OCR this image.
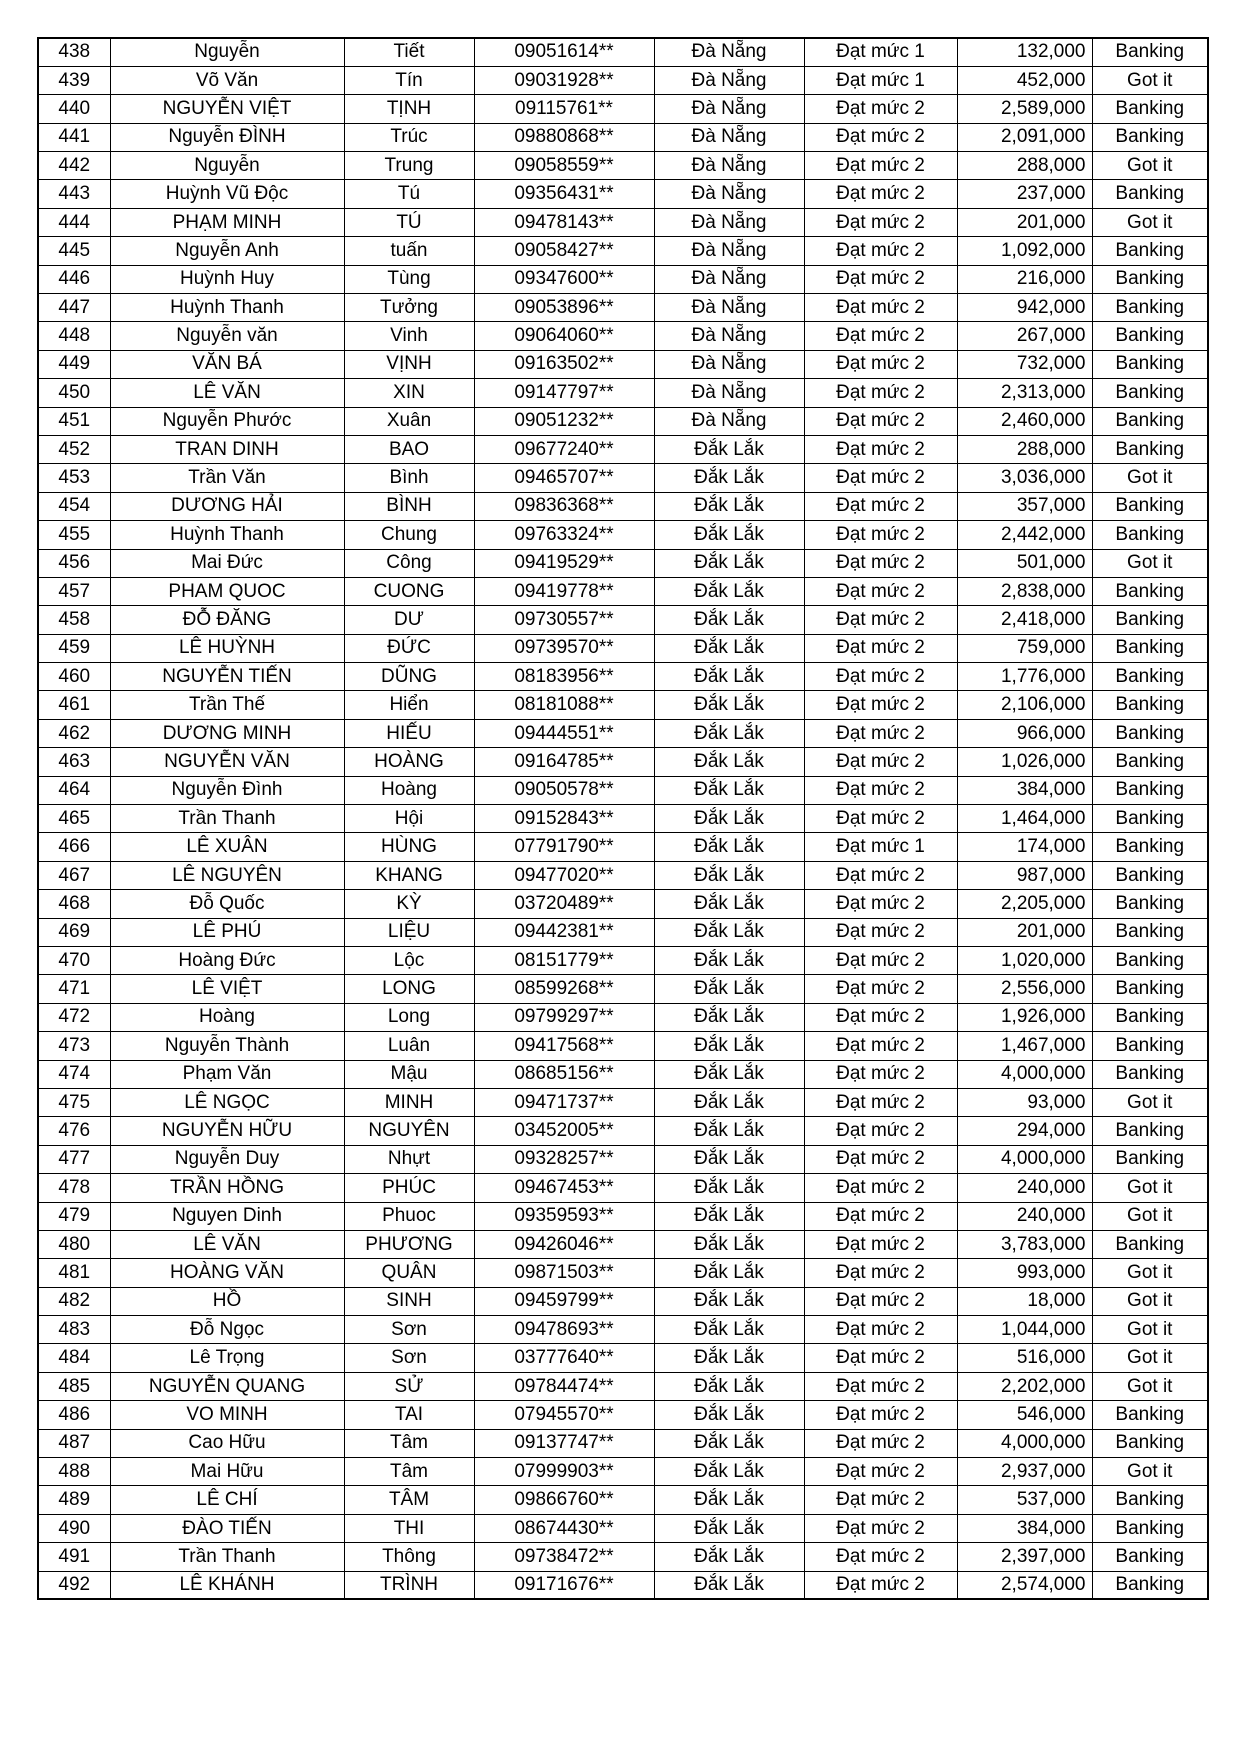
438	Nguyễn	Tiết	09051614**	Đà Nẵng	Đạt mức 1	132,000	Banking
439	Võ Văn	Tín	09031928**	Đà Nẵng	Đạt mức 1	452,000	Got it
440	NGUYỄN VIỆT	TỊNH	09115761**	Đà Nẵng	Đạt mức 2	2,589,000	Banking
441	Nguyễn ĐÌNH	Trúc	09880868**	Đà Nẵng	Đạt mức 2	2,091,000	Banking
442	Nguyễn	Trung	09058559**	Đà Nẵng	Đạt mức 2	288,000	Got it
443	Huỳnh Vũ Độc	Tú	09356431**	Đà Nẵng	Đạt mức 2	237,000	Banking
444	PHẠM MINH	TÚ	09478143**	Đà Nẵng	Đạt mức 2	201,000	Got it
445	Nguyễn Anh	tuấn	09058427**	Đà Nẵng	Đạt mức 2	1,092,000	Banking
446	Huỳnh Huy	Tùng	09347600**	Đà Nẵng	Đạt mức 2	216,000	Banking
447	Huỳnh Thanh	Tưởng	09053896**	Đà Nẵng	Đạt mức 2	942,000	Banking
448	Nguyễn văn	Vinh	09064060**	Đà Nẵng	Đạt mức 2	267,000	Banking
449	VĂN BÁ	VỊNH	09163502**	Đà Nẵng	Đạt mức 2	732,000	Banking
450	LÊ VĂN	XIN	09147797**	Đà Nẵng	Đạt mức 2	2,313,000	Banking
451	Nguyễn Phước	Xuân	09051232**	Đà Nẵng	Đạt mức 2	2,460,000	Banking
452	TRAN DINH	BAO	09677240**	Đắk Lắk	Đạt mức 2	288,000	Banking
453	Trần Văn	Bình	09465707**	Đắk Lắk	Đạt mức 2	3,036,000	Got it
454	DƯƠNG HẢI	BÌNH	09836368**	Đắk Lắk	Đạt mức 2	357,000	Banking
455	Huỳnh Thanh	Chung	09763324**	Đắk Lắk	Đạt mức 2	2,442,000	Banking
456	Mai Đức	Công	09419529**	Đắk Lắk	Đạt mức 2	501,000	Got it
457	PHAM QUOC	CUONG	09419778**	Đắk Lắk	Đạt mức 2	2,838,000	Banking
458	ĐỖ ĐĂNG	DƯ	09730557**	Đắk Lắk	Đạt mức 2	2,418,000	Banking
459	LÊ HUỲNH	ĐỨC	09739570**	Đắk Lắk	Đạt mức 2	759,000	Banking
460	NGUYỄN TIẾN	DŨNG	08183956**	Đắk Lắk	Đạt mức 2	1,776,000	Banking
461	Trần Thế	Hiển	08181088**	Đắk Lắk	Đạt mức 2	2,106,000	Banking
462	DƯƠNG MINH	HIẾU	09444551**	Đắk Lắk	Đạt mức 2	966,000	Banking
463	NGUYỄN VĂN	HOÀNG	09164785**	Đắk Lắk	Đạt mức 2	1,026,000	Banking
464	Nguyễn Đình	Hoàng	09050578**	Đắk Lắk	Đạt mức 2	384,000	Banking
465	Trần Thanh	Hội	09152843**	Đắk Lắk	Đạt mức 2	1,464,000	Banking
466	LÊ XUÂN	HÙNG	07791790**	Đắk Lắk	Đạt mức 1	174,000	Banking
467	LÊ NGUYÊN	KHANG	09477020**	Đắk Lắk	Đạt mức 2	987,000	Banking
468	Đỗ Quốc	KỲ	03720489**	Đắk Lắk	Đạt mức 2	2,205,000	Banking
469	LÊ PHÚ	LIỆU	09442381**	Đắk Lắk	Đạt mức 2	201,000	Banking
470	Hoàng Đức	Lộc	08151779**	Đắk Lắk	Đạt mức 2	1,020,000	Banking
471	LÊ VIỆT	LONG	08599268**	Đắk Lắk	Đạt mức 2	2,556,000	Banking
472	Hoàng	Long	09799297**	Đắk Lắk	Đạt mức 2	1,926,000	Banking
473	Nguyễn Thành	Luân	09417568**	Đắk Lắk	Đạt mức 2	1,467,000	Banking
474	Phạm Văn	Mậu	08685156**	Đắk Lắk	Đạt mức 2	4,000,000	Banking
475	LÊ NGỌC	MINH	09471737**	Đắk Lắk	Đạt mức 2	93,000	Got it
476	NGUYỄN HỮU	NGUYÊN	03452005**	Đắk Lắk	Đạt mức 2	294,000	Banking
477	Nguyễn Duy	Nhựt	09328257**	Đắk Lắk	Đạt mức 2	4,000,000	Banking
478	TRẦN HỒNG	PHÚC	09467453**	Đắk Lắk	Đạt mức 2	240,000	Got it
479	Nguyen Dinh	Phuoc	09359593**	Đắk Lắk	Đạt mức 2	240,000	Got it
480	LÊ VĂN	PHƯƠNG	09426046**	Đắk Lắk	Đạt mức 2	3,783,000	Banking
481	HOÀNG VĂN	QUÂN	09871503**	Đắk Lắk	Đạt mức 2	993,000	Got it
482	HỒ	SINH	09459799**	Đắk Lắk	Đạt mức 2	18,000	Got it
483	Đỗ Ngọc	Sơn	09478693**	Đắk Lắk	Đạt mức 2	1,044,000	Got it
484	Lê Trọng	Sơn	03777640**	Đắk Lắk	Đạt mức 2	516,000	Got it
485	NGUYỄN QUANG	SỬ	09784474**	Đắk Lắk	Đạt mức 2	2,202,000	Got it
486	VO MINH	TAI	07945570**	Đắk Lắk	Đạt mức 2	546,000	Banking
487	Cao Hữu	Tâm	09137747**	Đắk Lắk	Đạt mức 2	4,000,000	Banking
488	Mai Hữu	Tâm	07999903**	Đắk Lắk	Đạt mức 2	2,937,000	Got it
489	LÊ CHÍ	TÂM	09866760**	Đắk Lắk	Đạt mức 2	537,000	Banking
490	ĐÀO TIẾN	THI	08674430**	Đắk Lắk	Đạt mức 2	384,000	Banking
491	Trần Thanh	Thông	09738472**	Đắk Lắk	Đạt mức 2	2,397,000	Banking
492	LÊ KHÁNH	TRÌNH	09171676**	Đắk Lắk	Đạt mức 2	2,574,000	Banking
